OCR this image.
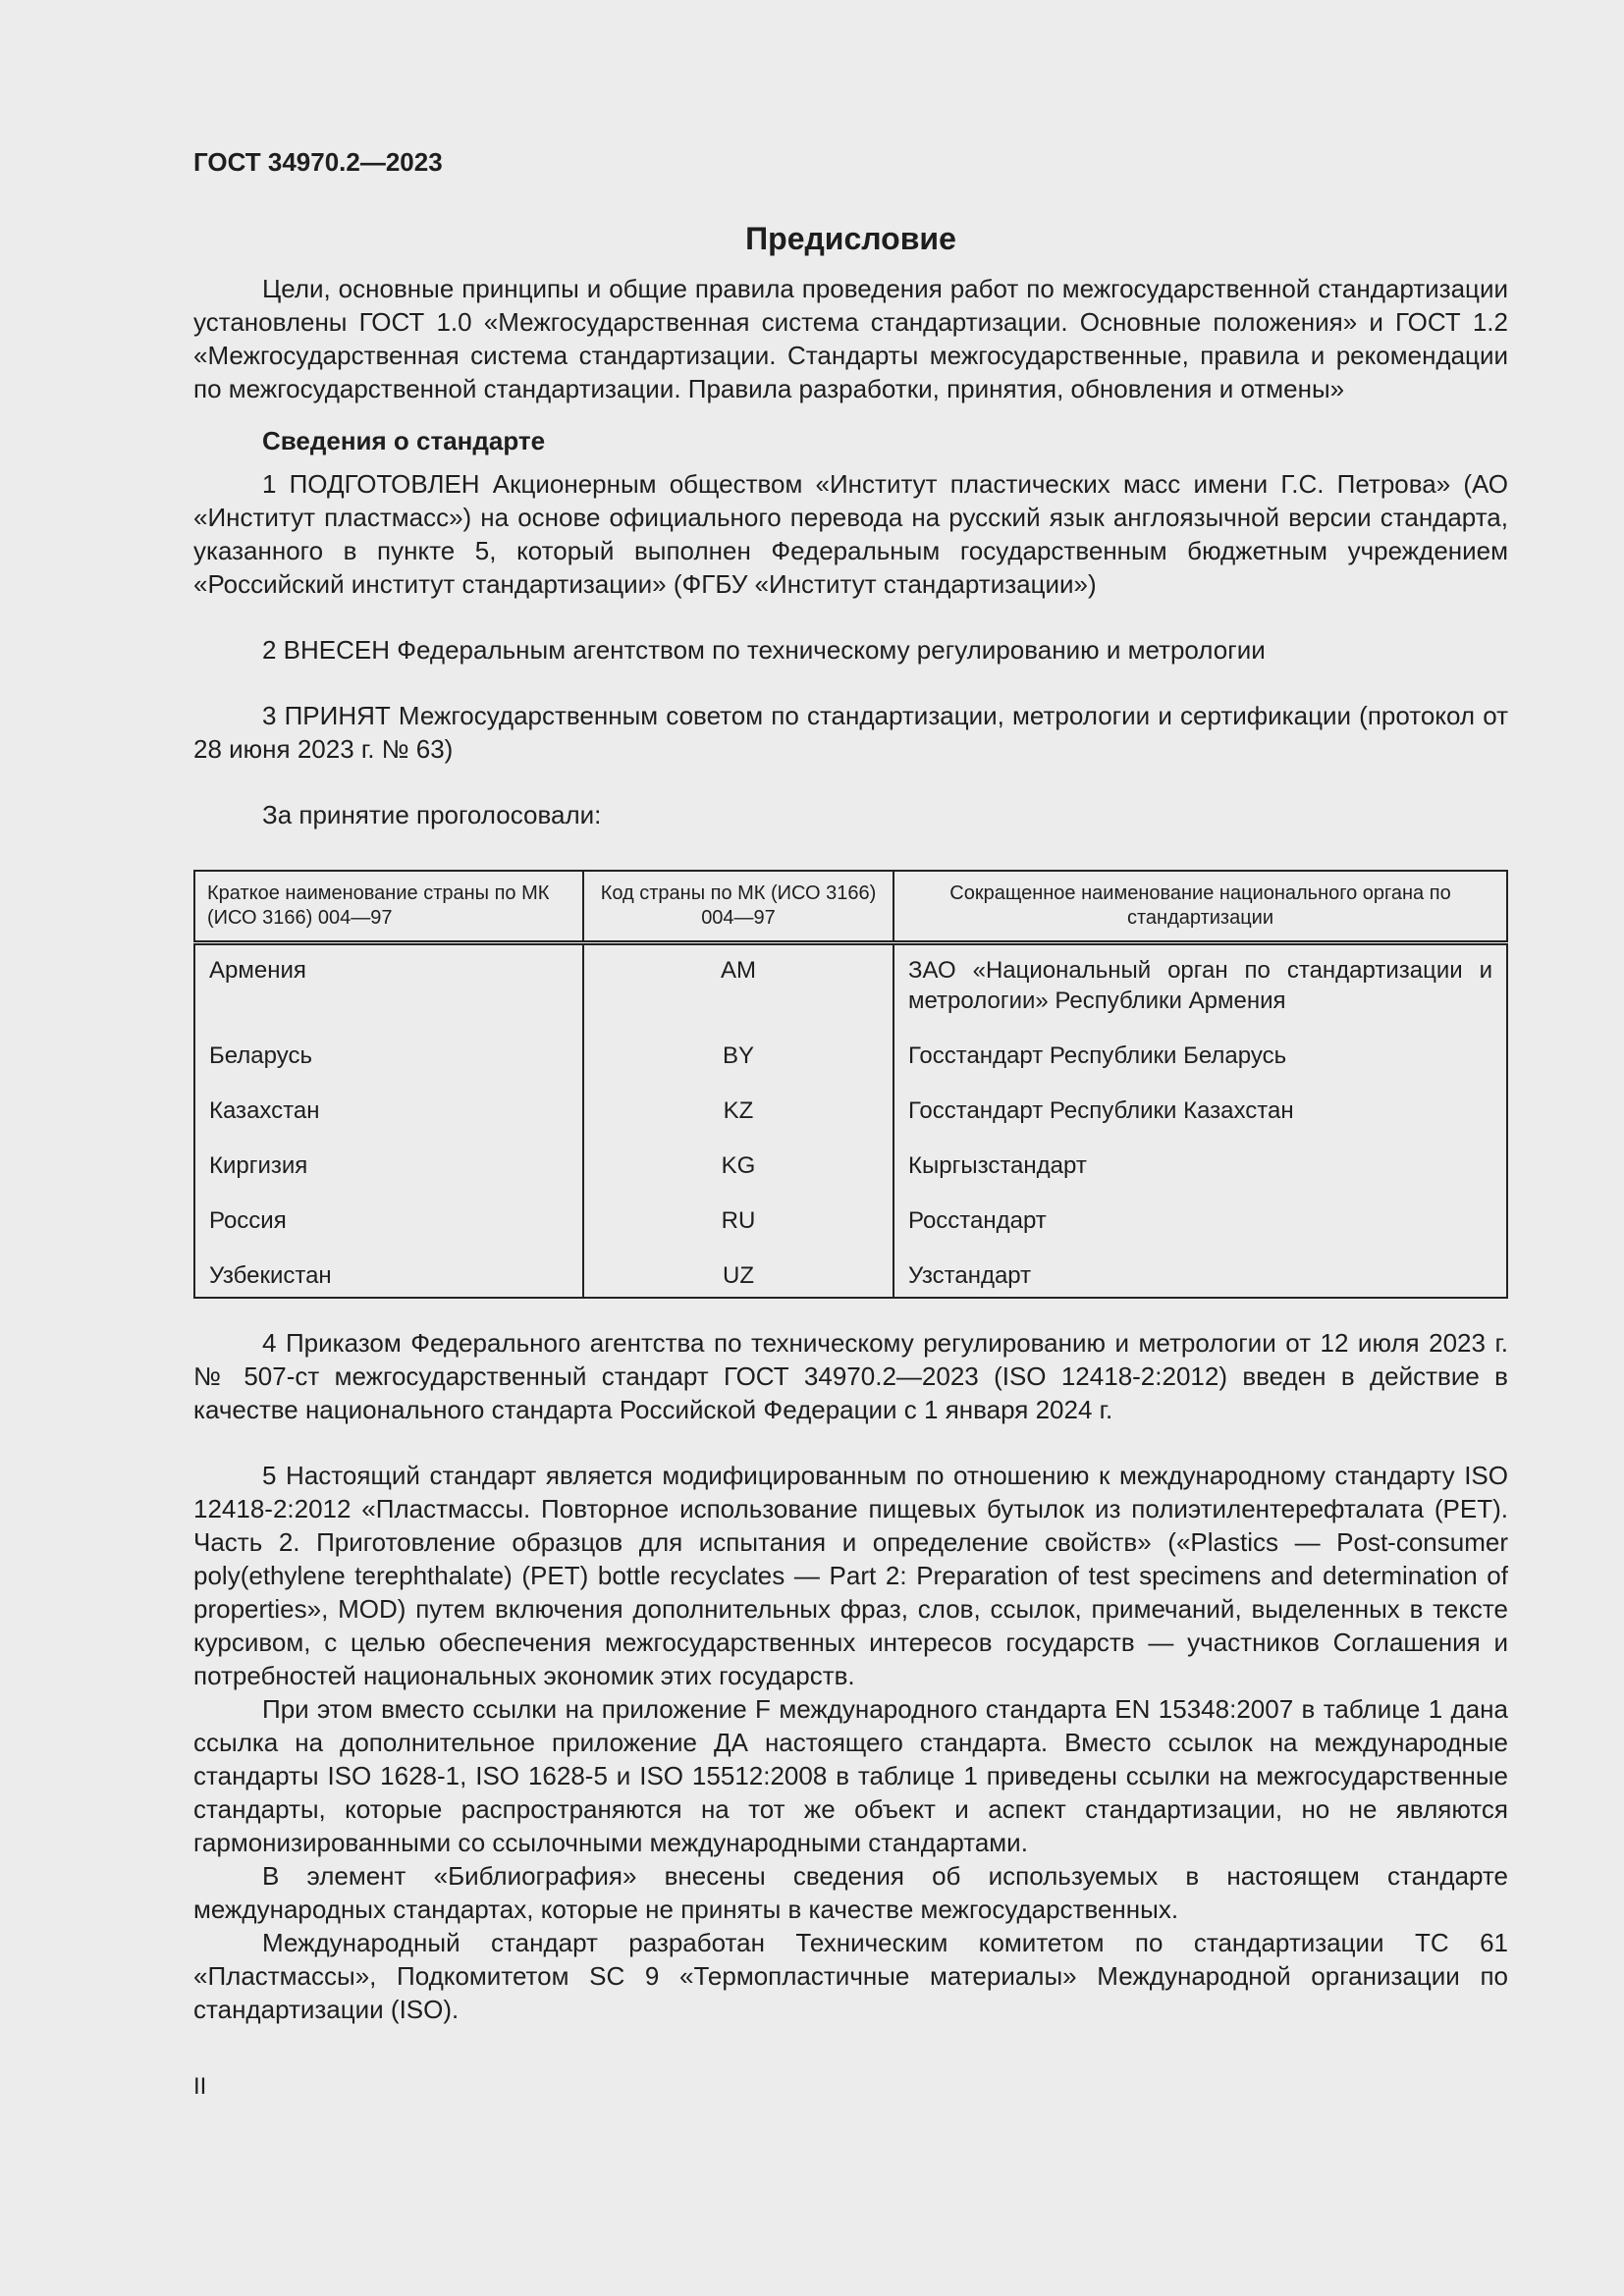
ГОСТ 34970.2—2023
Предисловие

Цели, основные принципы и общие правила проведения работ по межгосударственной стандартизации установлены ГОСТ 1.0 «Межгосударственная система стандартизации. Основные положения» и ГОСТ 1.2 «Межгосударственная система стандартизации. Стандарты межгосударственные, правила и рекомендации по межгосударственной стандартизации. Правила разработки, принятия, обновления и отмены»

Сведения о стандарте

1 ПОДГОТОВЛЕН Акционерным обществом «Институт пластических масс имени Г.С. Петрова» (АО «Институт пластмасс») на основе официального перевода на русский язык англоязычной версии стандарта, указанного в пункте 5, который выполнен Федеральным государственным бюджетным учреждением «Российский институт стандартизации» (ФГБУ «Институт стандартизации»)

2 ВНЕСЕН Федеральным агентством по техническому регулированию и метрологии

3 ПРИНЯТ Межгосударственным советом по стандартизации, метрологии и сертификации (протокол от 28 июня 2023 г. № 63)

За принятие проголосовали:

Краткое наименование страны по МК (ИСО 3166) 004—97	Код страны по МК (ИСО 3166) 004—97	Сокращенное наименование национального органа по стандартизации
Армения	AM	ЗАО «Национальный орган по стандартизации и метрологии» Республики Армения
Беларусь	BY	Госстандарт Республики Беларусь
Казахстан	KZ	Госстандарт Республики Казахстан
Киргизия	KG	Кыргызстандарт
Россия	RU	Росстандарт
Узбекистан	UZ	Узстандарт

4 Приказом Федерального агентства по техническому регулированию и метрологии от 12 июля 2023 г. № 507-ст межгосударственный стандарт ГОСТ 34970.2—2023 (ISO 12418-2:2012) введен в действие в качестве национального стандарта Российской Федерации с 1 января 2024 г.

5 Настоящий стандарт является модифицированным по отношению к международному стандарту ISO 12418-2:2012 «Пластмассы. Повторное использование пищевых бутылок из полиэтилентерефталата (PET). Часть 2. Приготовление образцов для испытания и определение свойств» («Plastics — Post-consumer poly(ethylene terephthalate) (PET) bottle recyclates — Part 2: Preparation of test specimens and determination of properties», MOD) путем включения дополнительных фраз, слов, ссылок, примечаний, выделенных в тексте курсивом, с целью обеспечения межгосударственных интересов государств — участников Соглашения и потребностей национальных экономик этих государств.

При этом вместо ссылки на приложение F международного стандарта EN 15348:2007 в таблице 1 дана ссылка на дополнительное приложение ДА настоящего стандарта. Вместо ссылок на международные стандарты ISO 1628-1, ISO 1628-5 и ISO 15512:2008 в таблице 1 приведены ссылки на межгосударственные стандарты, которые распространяются на тот же объект и аспект стандартизации, но не являются гармонизированными со ссылочными международными стандартами.

В элемент «Библиография» внесены сведения об используемых в настоящем стандарте международных стандартах, которые не приняты в качестве межгосударственных.

Международный стандарт разработан Техническим комитетом по стандартизации ТС 61 «Пластмассы», Подкомитетом SC 9 «Термопластичные материалы» Международной организации по стандартизации (ISO).

II
